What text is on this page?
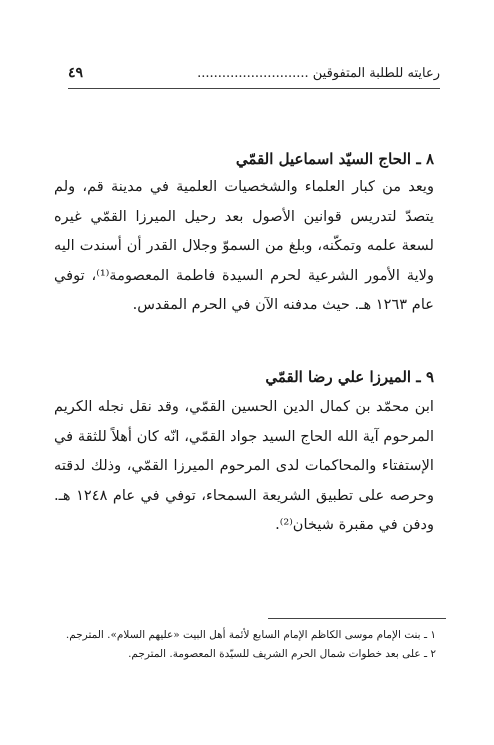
رعايته للطلبة المتفوقين ...........................
٤٩
٨ ـ الحاج السيّد اسماعيل القمّي

ويعد من كبار العلماء والشخصيات العلمية في مدينة قم، ولم يتصدّ لتدريس قوانين الأصول بعد رحيل الميرزا القمّي غيره لسعة علمه وتمكّنه، وبلغ من السموّ وجلال القدر أن أسندت اليه ولاية الأمور الشرعية لحرم السيدة فاطمة المعصومة⁽¹⁾، توفي عام ١٢٦٣ هـ. حيث مدفنه الآن في الحرم المقدس.

٩ ـ الميرزا علي رضا القمّي

ابن محمّد بن كمال الدين الحسين القمّي، وقد نقل نجله الكريم المرحوم آية الله الحاج السيد جواد القمّي، انّه كان أهلاً للثقة في الإستفتاء والمحاكمات لدى المرحوم الميرزا القمّي، وذلك لدقته وحرصه على تطبيق الشريعة السمحاء، توفي في عام ١٢٤٨ هـ. ودفن في مقبرة شيخان⁽²⁾.

١ ـ بنت الإمام موسى الكاظم الإمام السابع لأئمة أهل البيت «عليهم السلام». المترجم.
٢ ـ على بعد خطوات شمال الحرم الشريف للسيّدة المعصومة. المترجم.
